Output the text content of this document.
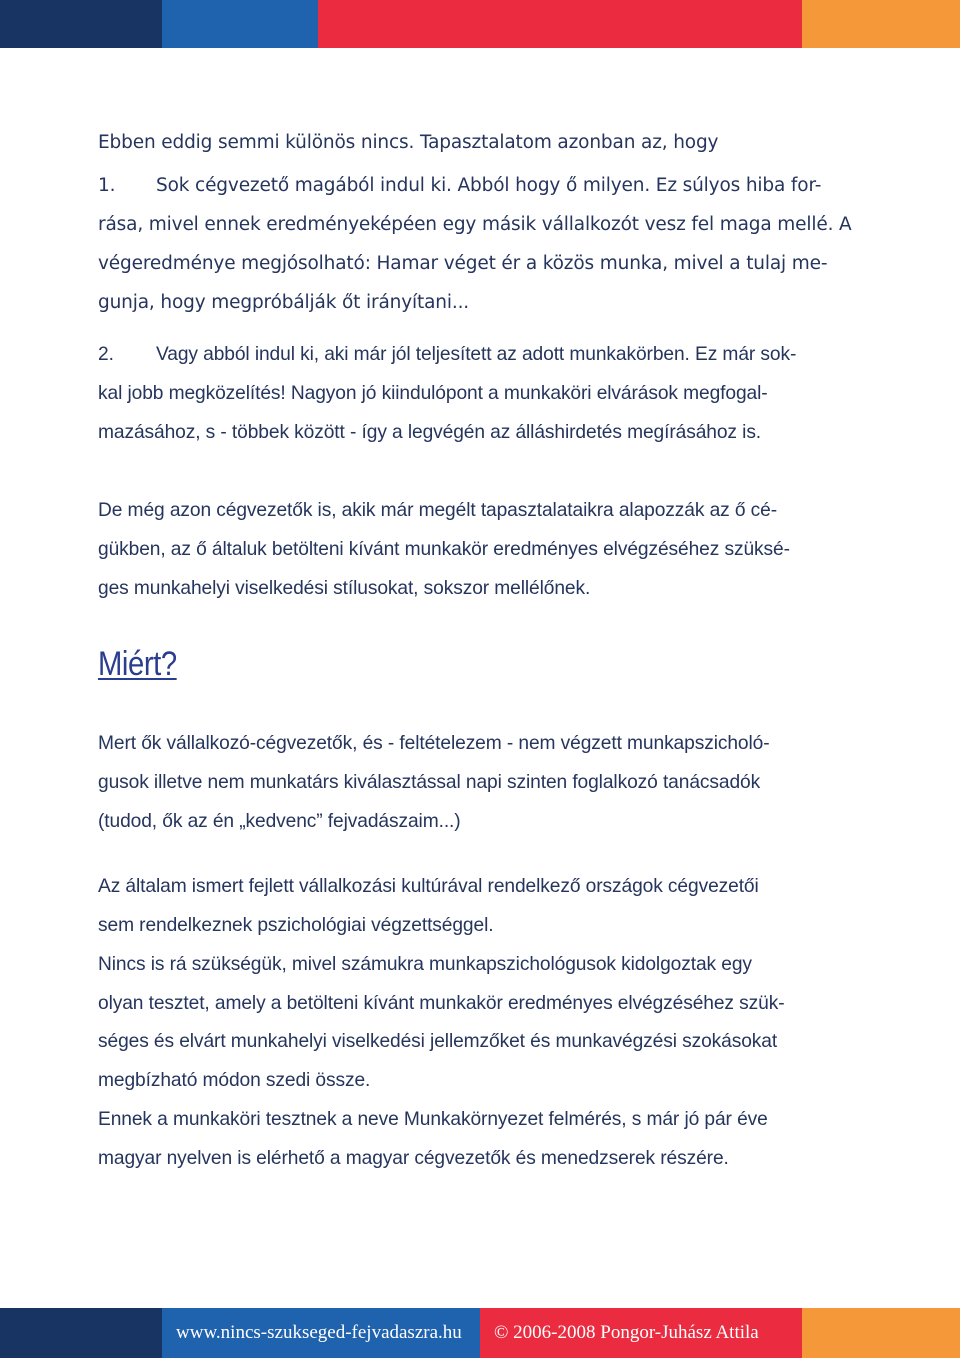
Ebben eddig semmi különös nincs. Tapasztalatom azonban az, hogy
1. Sok cégvezető magából indul ki. Abból hogy ő milyen. Ez súlyos hiba for-
rása, mivel ennek eredményeképéen egy másik vállalkozót vesz fel maga mellé. A
végeredménye megjósolható: Hamar véget ér a közös munka, mivel a tulaj me-
gunja, hogy megpróbálják őt irányítani...
2. Vagy abból indul ki, aki már jól teljesített az adott munkakörben. Ez már sok-
kal jobb megközelítés! Nagyon jó kiindulópont a munkaköri elvárások megfogal-
mazásához, s - többek között - így a legvégén az álláshirdetés megírásához is.
De még azon cégvezetők is, akik már megélt tapasztalataikra alapozzák az ő cé-
gükben, az ő általuk betölteni kívánt munkakör eredményes elvégzéséhez szüksé-
ges munkahelyi viselkedési stílusokat, sokszor mellélőnek.
Miért?
Mert ők vállalkozó-cégvezetők, és - feltételezem - nem végzett munkapszicholó-
gusok illetve nem munkatárs kiválasztással napi szinten foglalkozó tanácsadók
(tudod, ők az én „kedvenc” fejvadászaim...)
Az általam ismert fejlett vállalkozási kultúrával rendelkező országok cégvezetői
sem rendelkeznek pszichológiai végzettséggel.
Nincs is rá szükségük, mivel számukra munkapszichológusok kidolgoztak egy
olyan tesztet, amely a betölteni kívánt munkakör eredményes elvégzéséhez szük-
séges és elvárt munkahelyi viselkedési jellemzőket és munkavégzési szokásokat
megbízható módon szedi össze.
Ennek a munkaköri tesztnek a neve Munkakörnyezet felmérés, s már jó pár éve
magyar nyelven is elérhető a magyar cégvezetők és menedzserek részére.
www.nincs-szukseged-fejvadaszra.hu © 2006-2008 Pongor-Juhász Attila
